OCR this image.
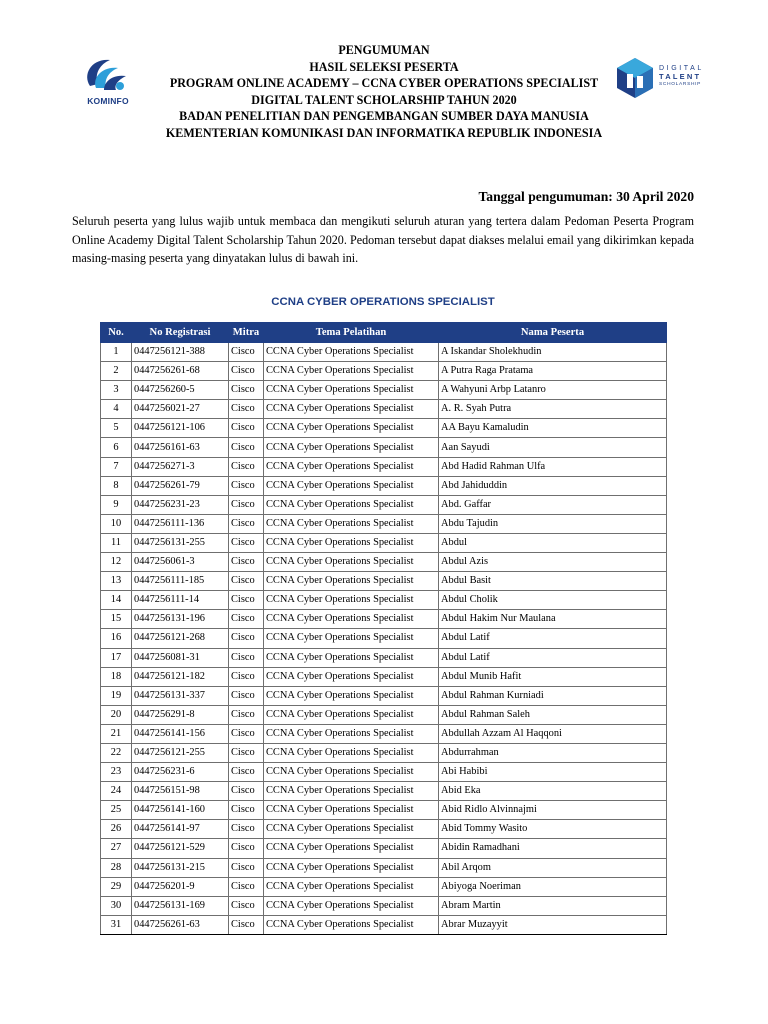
KOMINFO
DIGITAL
TALENT
SCHOLARSHIP
PENGUMUMAN
HASIL SELEKSI PESERTA
PROGRAM ONLINE ACADEMY – CCNA CYBER OPERATIONS SPECIALIST
DIGITAL TALENT SCHOLARSHIP TAHUN 2020
BADAN PENELITIAN DAN PENGEMBANGAN SUMBER DAYA MANUSIA
KEMENTERIAN KOMUNIKASI DAN INFORMATIKA REPUBLIK INDONESIA
Tanggal pengumuman: 30 April 2020
Seluruh peserta yang lulus wajib untuk membaca dan mengikuti seluruh aturan yang tertera dalam Pedoman Peserta Program Online Academy Digital Talent Scholarship Tahun 2020. Pedoman tersebut dapat diakses melalui email yang dikirimkan kepada masing-masing peserta yang dinyatakan lulus di bawah ini.
CCNA CYBER OPERATIONS SPECIALIST
No.	No Registrasi	Mitra	Tema Pelatihan	Nama Peserta
1	0447256121-388	Cisco	CCNA Cyber Operations Specialist	A Iskandar Sholekhudin
2	0447256261-68	Cisco	CCNA Cyber Operations Specialist	A Putra Raga Pratama
3	0447256260-5	Cisco	CCNA Cyber Operations Specialist	A Wahyuni Arbp Latanro
4	0447256021-27	Cisco	CCNA Cyber Operations Specialist	A. R. Syah Putra
5	0447256121-106	Cisco	CCNA Cyber Operations Specialist	AA Bayu Kamaludin
6	0447256161-63	Cisco	CCNA Cyber Operations Specialist	Aan Sayudi
7	0447256271-3	Cisco	CCNA Cyber Operations Specialist	Abd Hadid Rahman Ulfa
8	0447256261-79	Cisco	CCNA Cyber Operations Specialist	Abd Jahiduddin
9	0447256231-23	Cisco	CCNA Cyber Operations Specialist	Abd. Gaffar
10	0447256111-136	Cisco	CCNA Cyber Operations Specialist	Abdu Tajudin
11	0447256131-255	Cisco	CCNA Cyber Operations Specialist	Abdul
12	0447256061-3	Cisco	CCNA Cyber Operations Specialist	Abdul Azis
13	0447256111-185	Cisco	CCNA Cyber Operations Specialist	Abdul Basit
14	0447256111-14	Cisco	CCNA Cyber Operations Specialist	Abdul Cholik
15	0447256131-196	Cisco	CCNA Cyber Operations Specialist	Abdul Hakim Nur Maulana
16	0447256121-268	Cisco	CCNA Cyber Operations Specialist	Abdul Latif
17	0447256081-31	Cisco	CCNA Cyber Operations Specialist	Abdul Latif
18	0447256121-182	Cisco	CCNA Cyber Operations Specialist	Abdul Munib Hafit
19	0447256131-337	Cisco	CCNA Cyber Operations Specialist	Abdul Rahman Kurniadi
20	0447256291-8	Cisco	CCNA Cyber Operations Specialist	Abdul Rahman Saleh
21	0447256141-156	Cisco	CCNA Cyber Operations Specialist	Abdullah Azzam Al Haqqoni
22	0447256121-255	Cisco	CCNA Cyber Operations Specialist	Abdurrahman
23	0447256231-6	Cisco	CCNA Cyber Operations Specialist	Abi Habibi
24	0447256151-98	Cisco	CCNA Cyber Operations Specialist	Abid Eka
25	0447256141-160	Cisco	CCNA Cyber Operations Specialist	Abid Ridlo Alvinnajmi
26	0447256141-97	Cisco	CCNA Cyber Operations Specialist	Abid Tommy Wasito
27	0447256121-529	Cisco	CCNA Cyber Operations Specialist	Abidin Ramadhani
28	0447256131-215	Cisco	CCNA Cyber Operations Specialist	Abil Arqom
29	0447256201-9	Cisco	CCNA Cyber Operations Specialist	Abiyoga Noeriman
30	0447256131-169	Cisco	CCNA Cyber Operations Specialist	Abram Martin
31	0447256261-63	Cisco	CCNA Cyber Operations Specialist	Abrar Muzayyit
